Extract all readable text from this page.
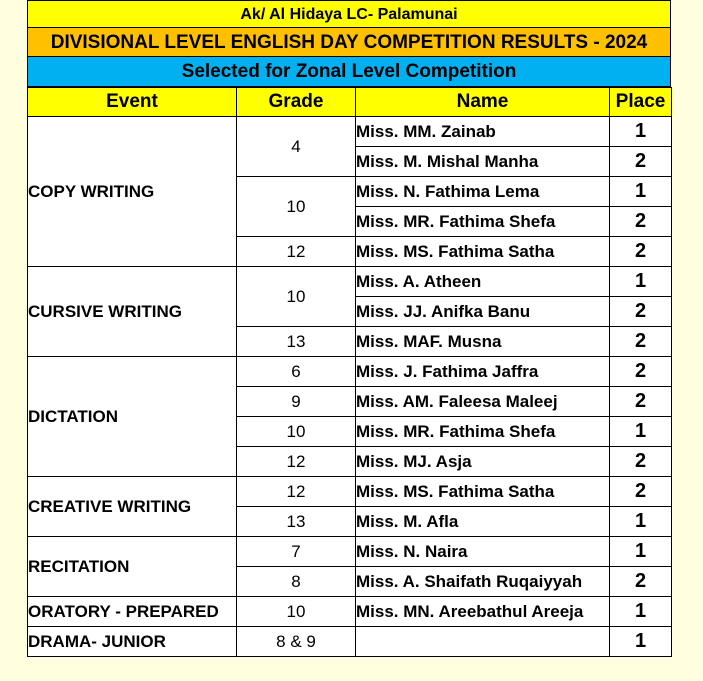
Ak/ Al Hidaya LC- Palamunai
DIVISIONAL LEVEL ENGLISH DAY COMPETITION RESULTS - 2024
Selected for Zonal Level Competition
Event	Grade	Name	Place
COPY WRITING	4	Miss. MM. Zainab	1
		Miss. M. Mishal Manha	2
	10	Miss. N. Fathima Lema	1
		Miss. MR. Fathima Shefa	2
	12	Miss. MS. Fathima Satha	2
CURSIVE WRITING	10	Miss. A. Atheen	1
		Miss. JJ. Anifka Banu	2
	13	Miss. MAF. Musna	2
DICTATION	6	Miss. J. Fathima Jaffra	2
	9	Miss. AM. Faleesa Maleej	2
	10	Miss. MR. Fathima Shefa	1
	12	Miss. MJ. Asja	2
CREATIVE WRITING	12	Miss. MS. Fathima Satha	2
	13	Miss. M. Afla	1
RECITATION	7	Miss. N. Naira	1
	8	Miss. A. Shaifath Ruqaiyyah	2
ORATORY - PREPARED	10	Miss. MN. Areebathul Areeja	1
DRAMA- JUNIOR	8 & 9		1
